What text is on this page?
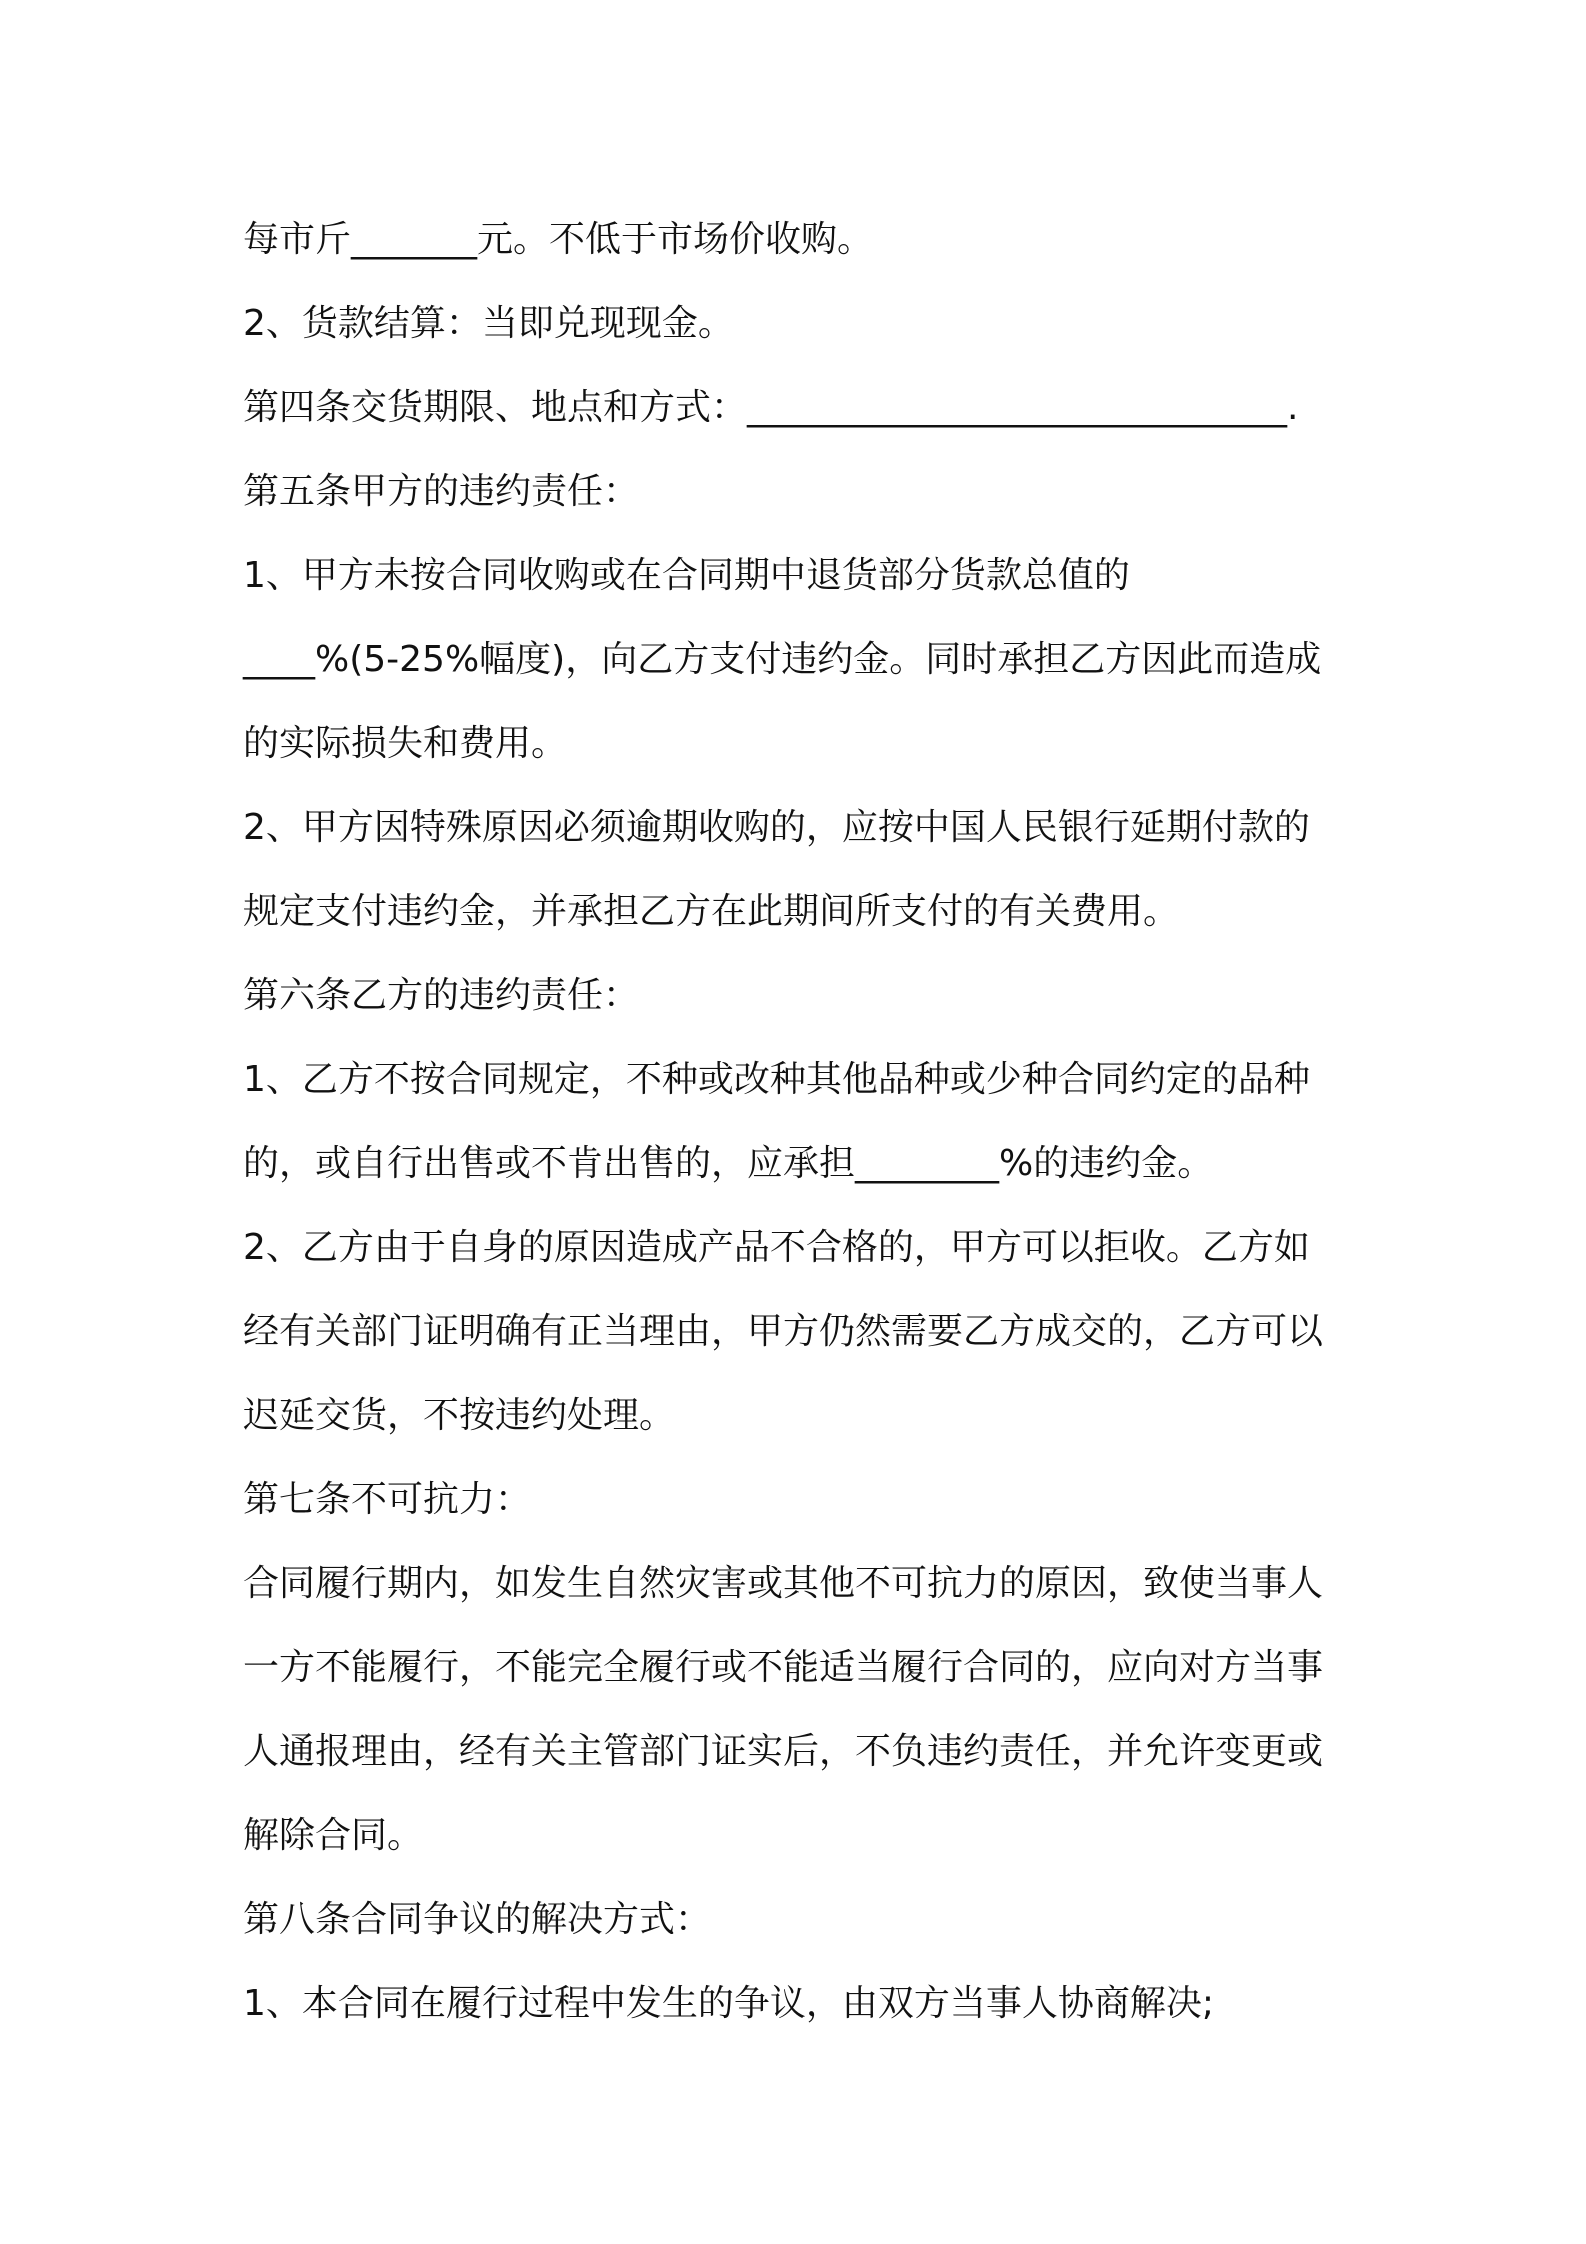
每市斤_______元。不低于市场价收购。
2、货款结算：当即兑现现金。
第四条交货期限、地点和方式：______________________________.
第五条甲方的违约责任：
1、甲方未按合同收购或在合同期中退货部分货款总值的
____%(5-25%幅度)，向乙方支付违约金。同时承担乙方因此而造成
的实际损失和费用。
2、甲方因特殊原因必须逾期收购的，应按中国人民银行延期付款的
规定支付违约金，并承担乙方在此期间所支付的有关费用。
第六条乙方的违约责任：
1、乙方不按合同规定，不种或改种其他品种或少种合同约定的品种
的，或自行出售或不肯出售的，应承担________%的违约金。
2、乙方由于自身的原因造成产品不合格的，甲方可以拒收。乙方如
经有关部门证明确有正当理由，甲方仍然需要乙方成交的，乙方可以
迟延交货，不按违约处理。
第七条不可抗力：
合同履行期内，如发生自然灾害或其他不可抗力的原因，致使当事人
一方不能履行，不能完全履行或不能适当履行合同的，应向对方当事
人通报理由，经有关主管部门证实后，不负违约责任，并允许变更或
解除合同。
第八条合同争议的解决方式：
1、本合同在履行过程中发生的争议，由双方当事人协商解决;
